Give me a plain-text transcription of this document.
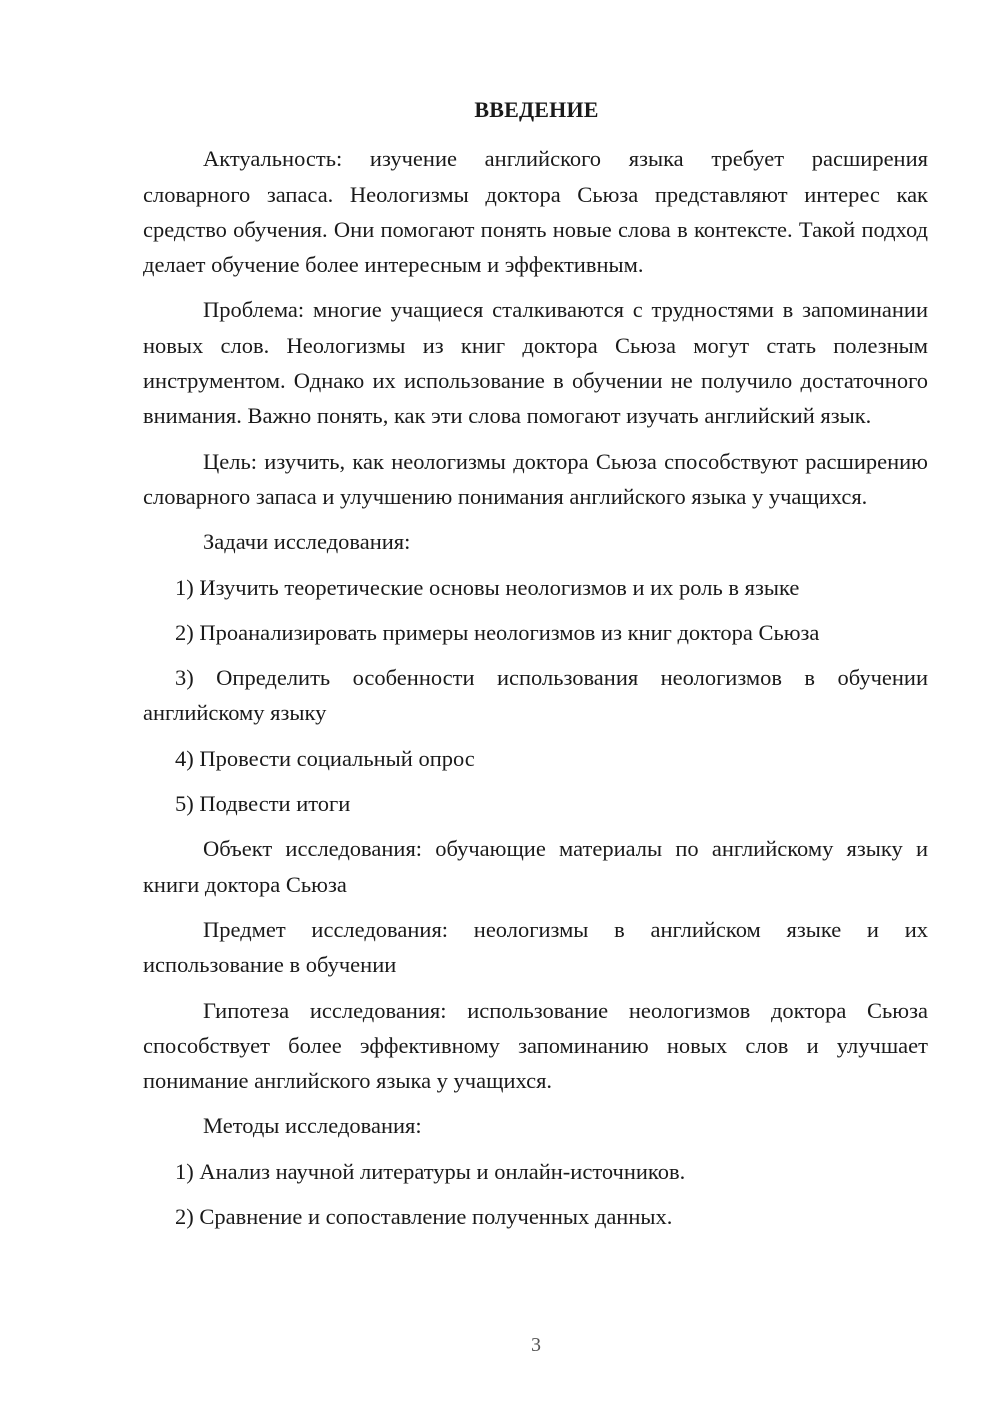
ВВЕДЕНИЕ

Актуальность: изучение английского языка требует расширения словарного запаса. Неологизмы доктора Сьюза представляют интерес как средство обучения. Они помогают понять новые слова в контексте. Такой подход делает обучение более интересным и эффективным.

Проблема: многие учащиеся сталкиваются с трудностями в запоминании новых слов. Неологизмы из книг доктора Сьюза могут стать полезным инструментом. Однако их использование в обучении не получило достаточного внимания. Важно понять, как эти слова помогают изучать английский язык.

Цель: изучить, как неологизмы доктора Сьюза способствуют расширению словарного запаса и улучшению понимания английского языка у учащихся.

Задачи исследования:

1) Изучить теоретические основы неологизмов и их роль в языке

2) Проанализировать примеры неологизмов из книг доктора Сьюза

3) Определить особенности использования неологизмов в обучении английскому языку

4) Провести социальный опрос

5) Подвести итоги

Объект исследования: обучающие материалы по английскому языку и книги доктора Сьюза

Предмет исследования: неологизмы в английском языке и их использование в обучении

Гипотеза исследования: использование неологизмов доктора Сьюза способствует более эффективному запоминанию новых слов и улучшает понимание английского языка у учащихся.

Методы исследования:

1) Анализ научной литературы и онлайн-источников.

2) Сравнение и сопоставление полученных данных.

3
